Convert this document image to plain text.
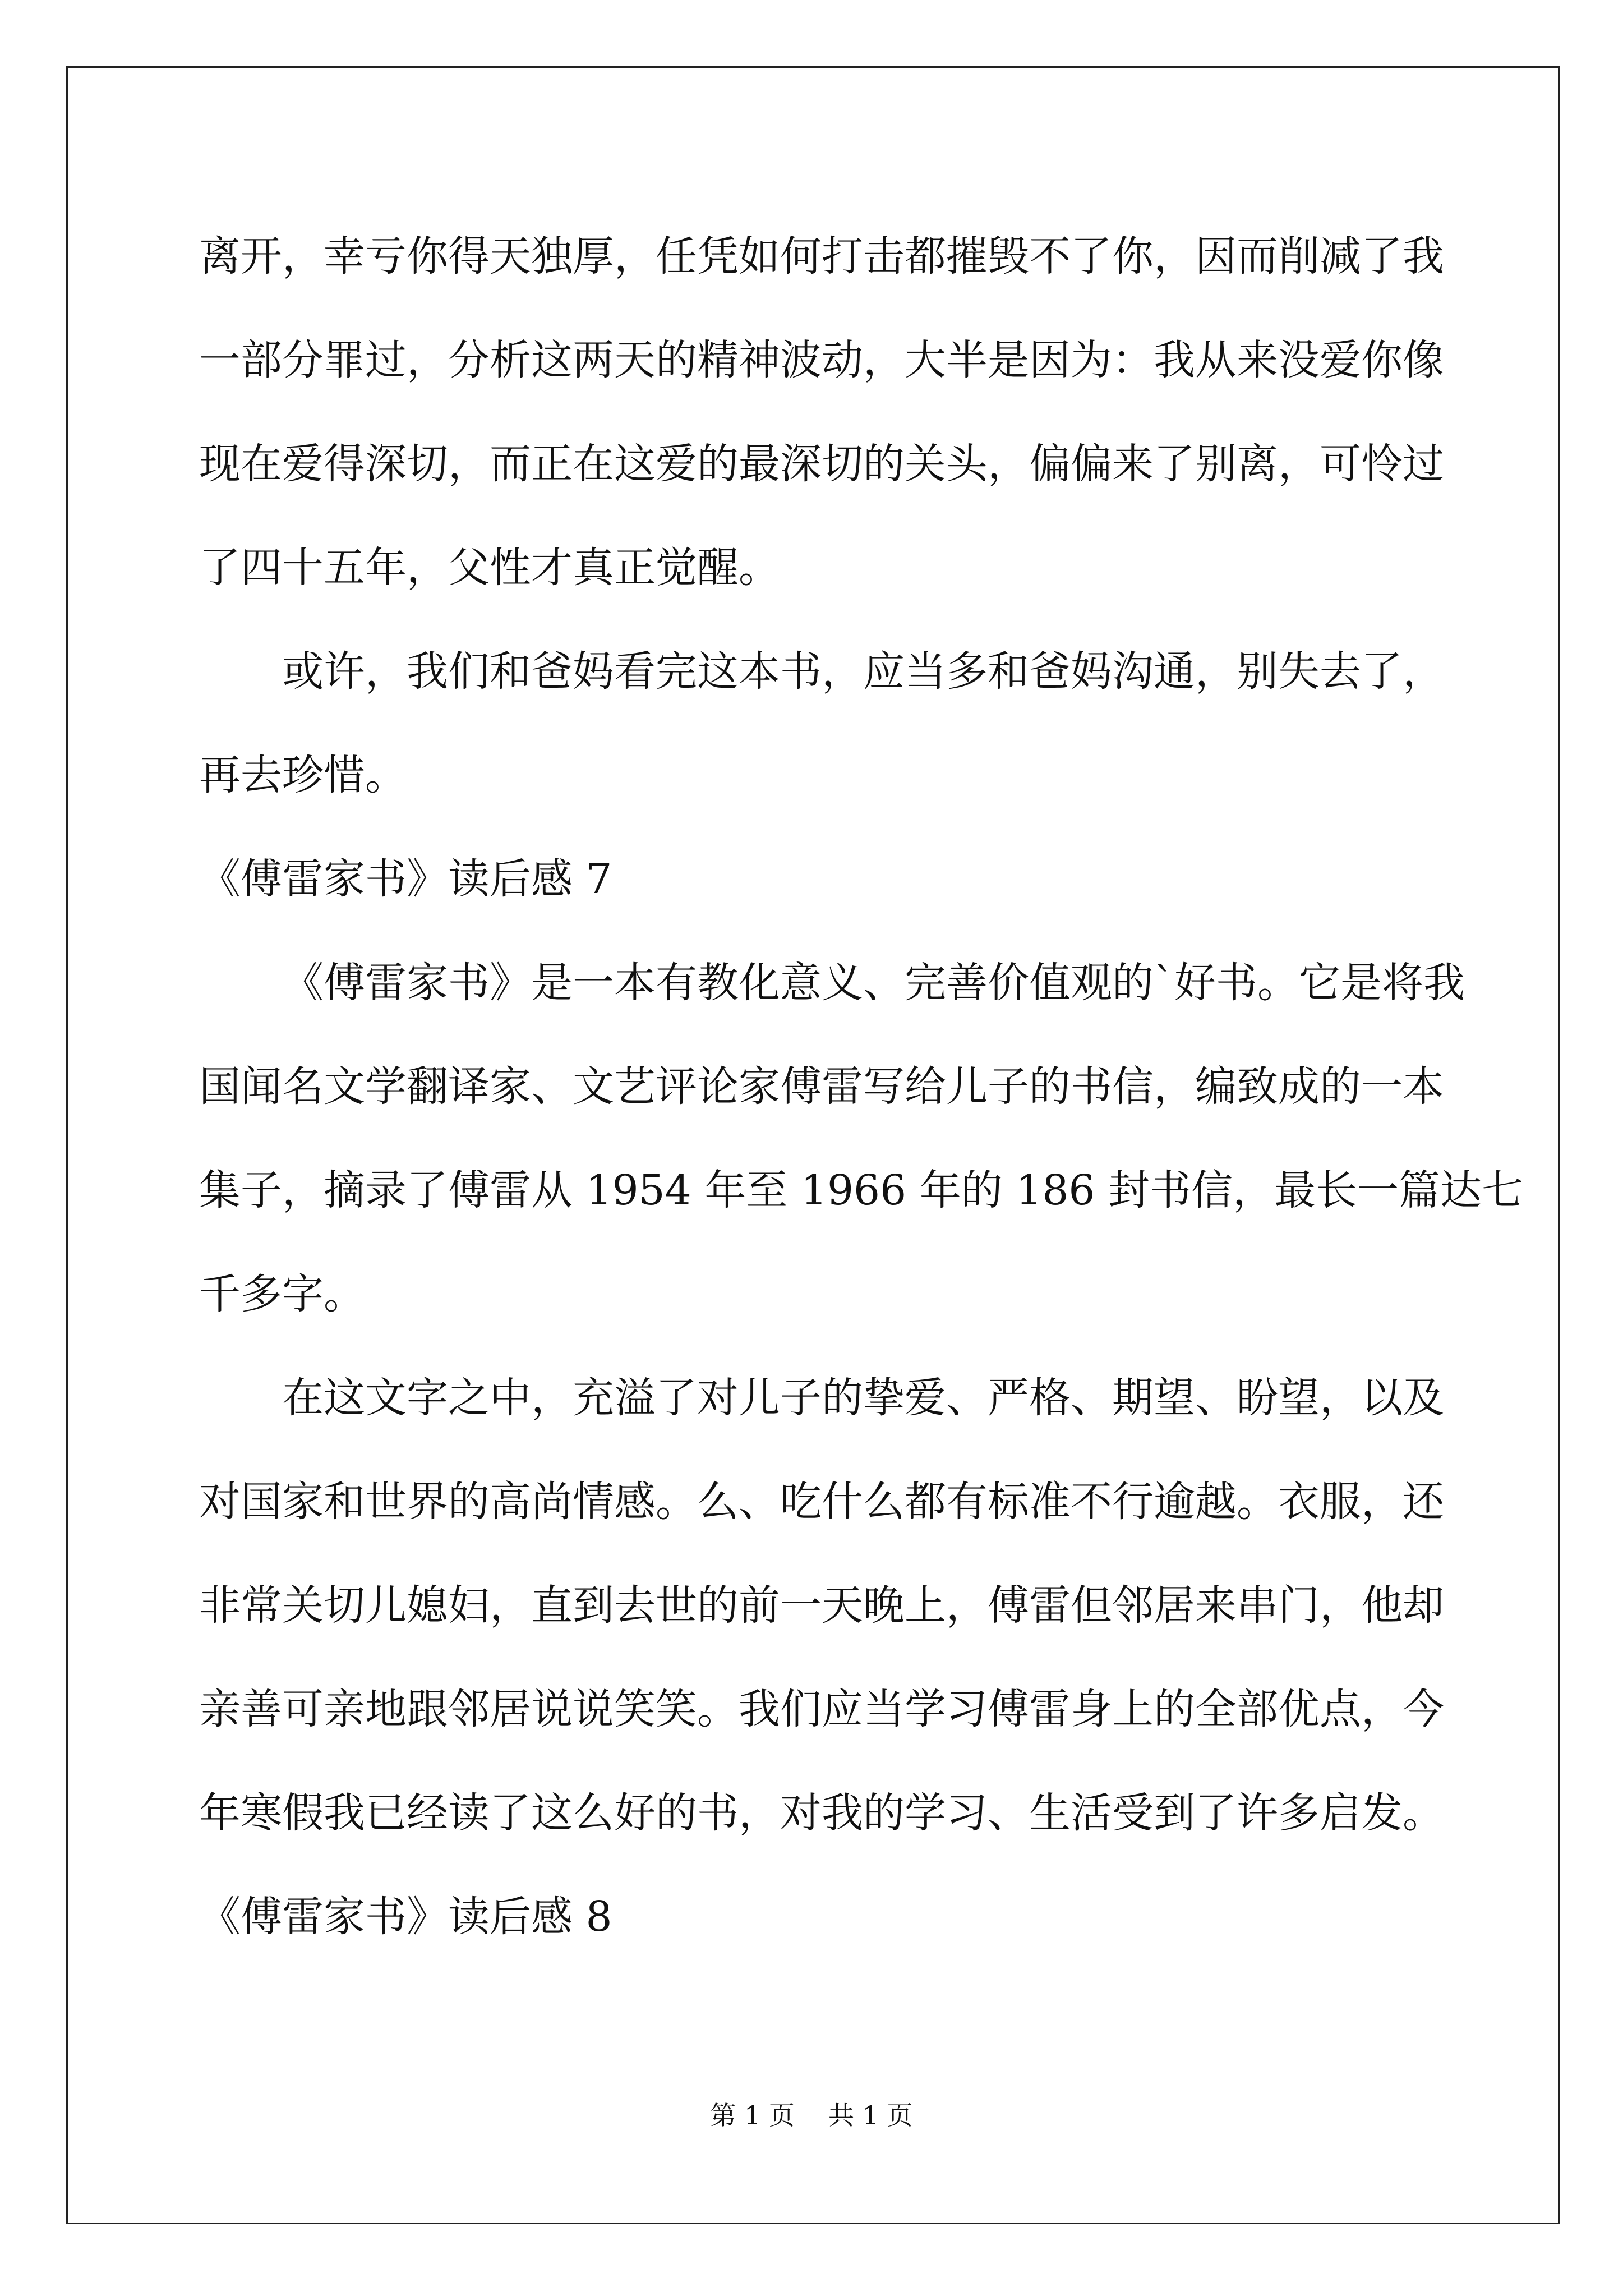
离开，幸亏你得天独厚，任凭如何打击都摧毁不了你，因而削减了我
一部分罪过，分析这两天的精神波动，大半是因为：我从来没爱你像
现在爱得深切，而正在这爱的最深切的关头，偏偏来了别离，可怜过
了四十五年，父性才真正觉醒。
或许，我们和爸妈看完这本书，应当多和爸妈沟通，别失去了，
再去珍惜。
《傅雷家书》读后感 7
《傅雷家书》是一本有教化意义、完善价值观的`好书。它是将我
国闻名文学翻译家、文艺评论家傅雷写给儿子的书信，编致成的一本
集子，摘录了傅雷从 1954 年至 1966 年的 186 封书信，最长一篇达七
千多字。
在这文字之中，充溢了对儿子的挚爱、严格、期望、盼望，以及
对国家和世界的高尚情感。么、吃什么都有标准不行逾越。衣服，还
非常关切儿媳妇，直到去世的前一天晚上，傅雷但邻居来串门，他却
亲善可亲地跟邻居说说笑笑。我们应当学习傅雷身上的全部优点，今
年寒假我已经读了这么好的书，对我的学习、生活受到了许多启发。
《傅雷家书》读后感 8
第 1 页 共 1 页
